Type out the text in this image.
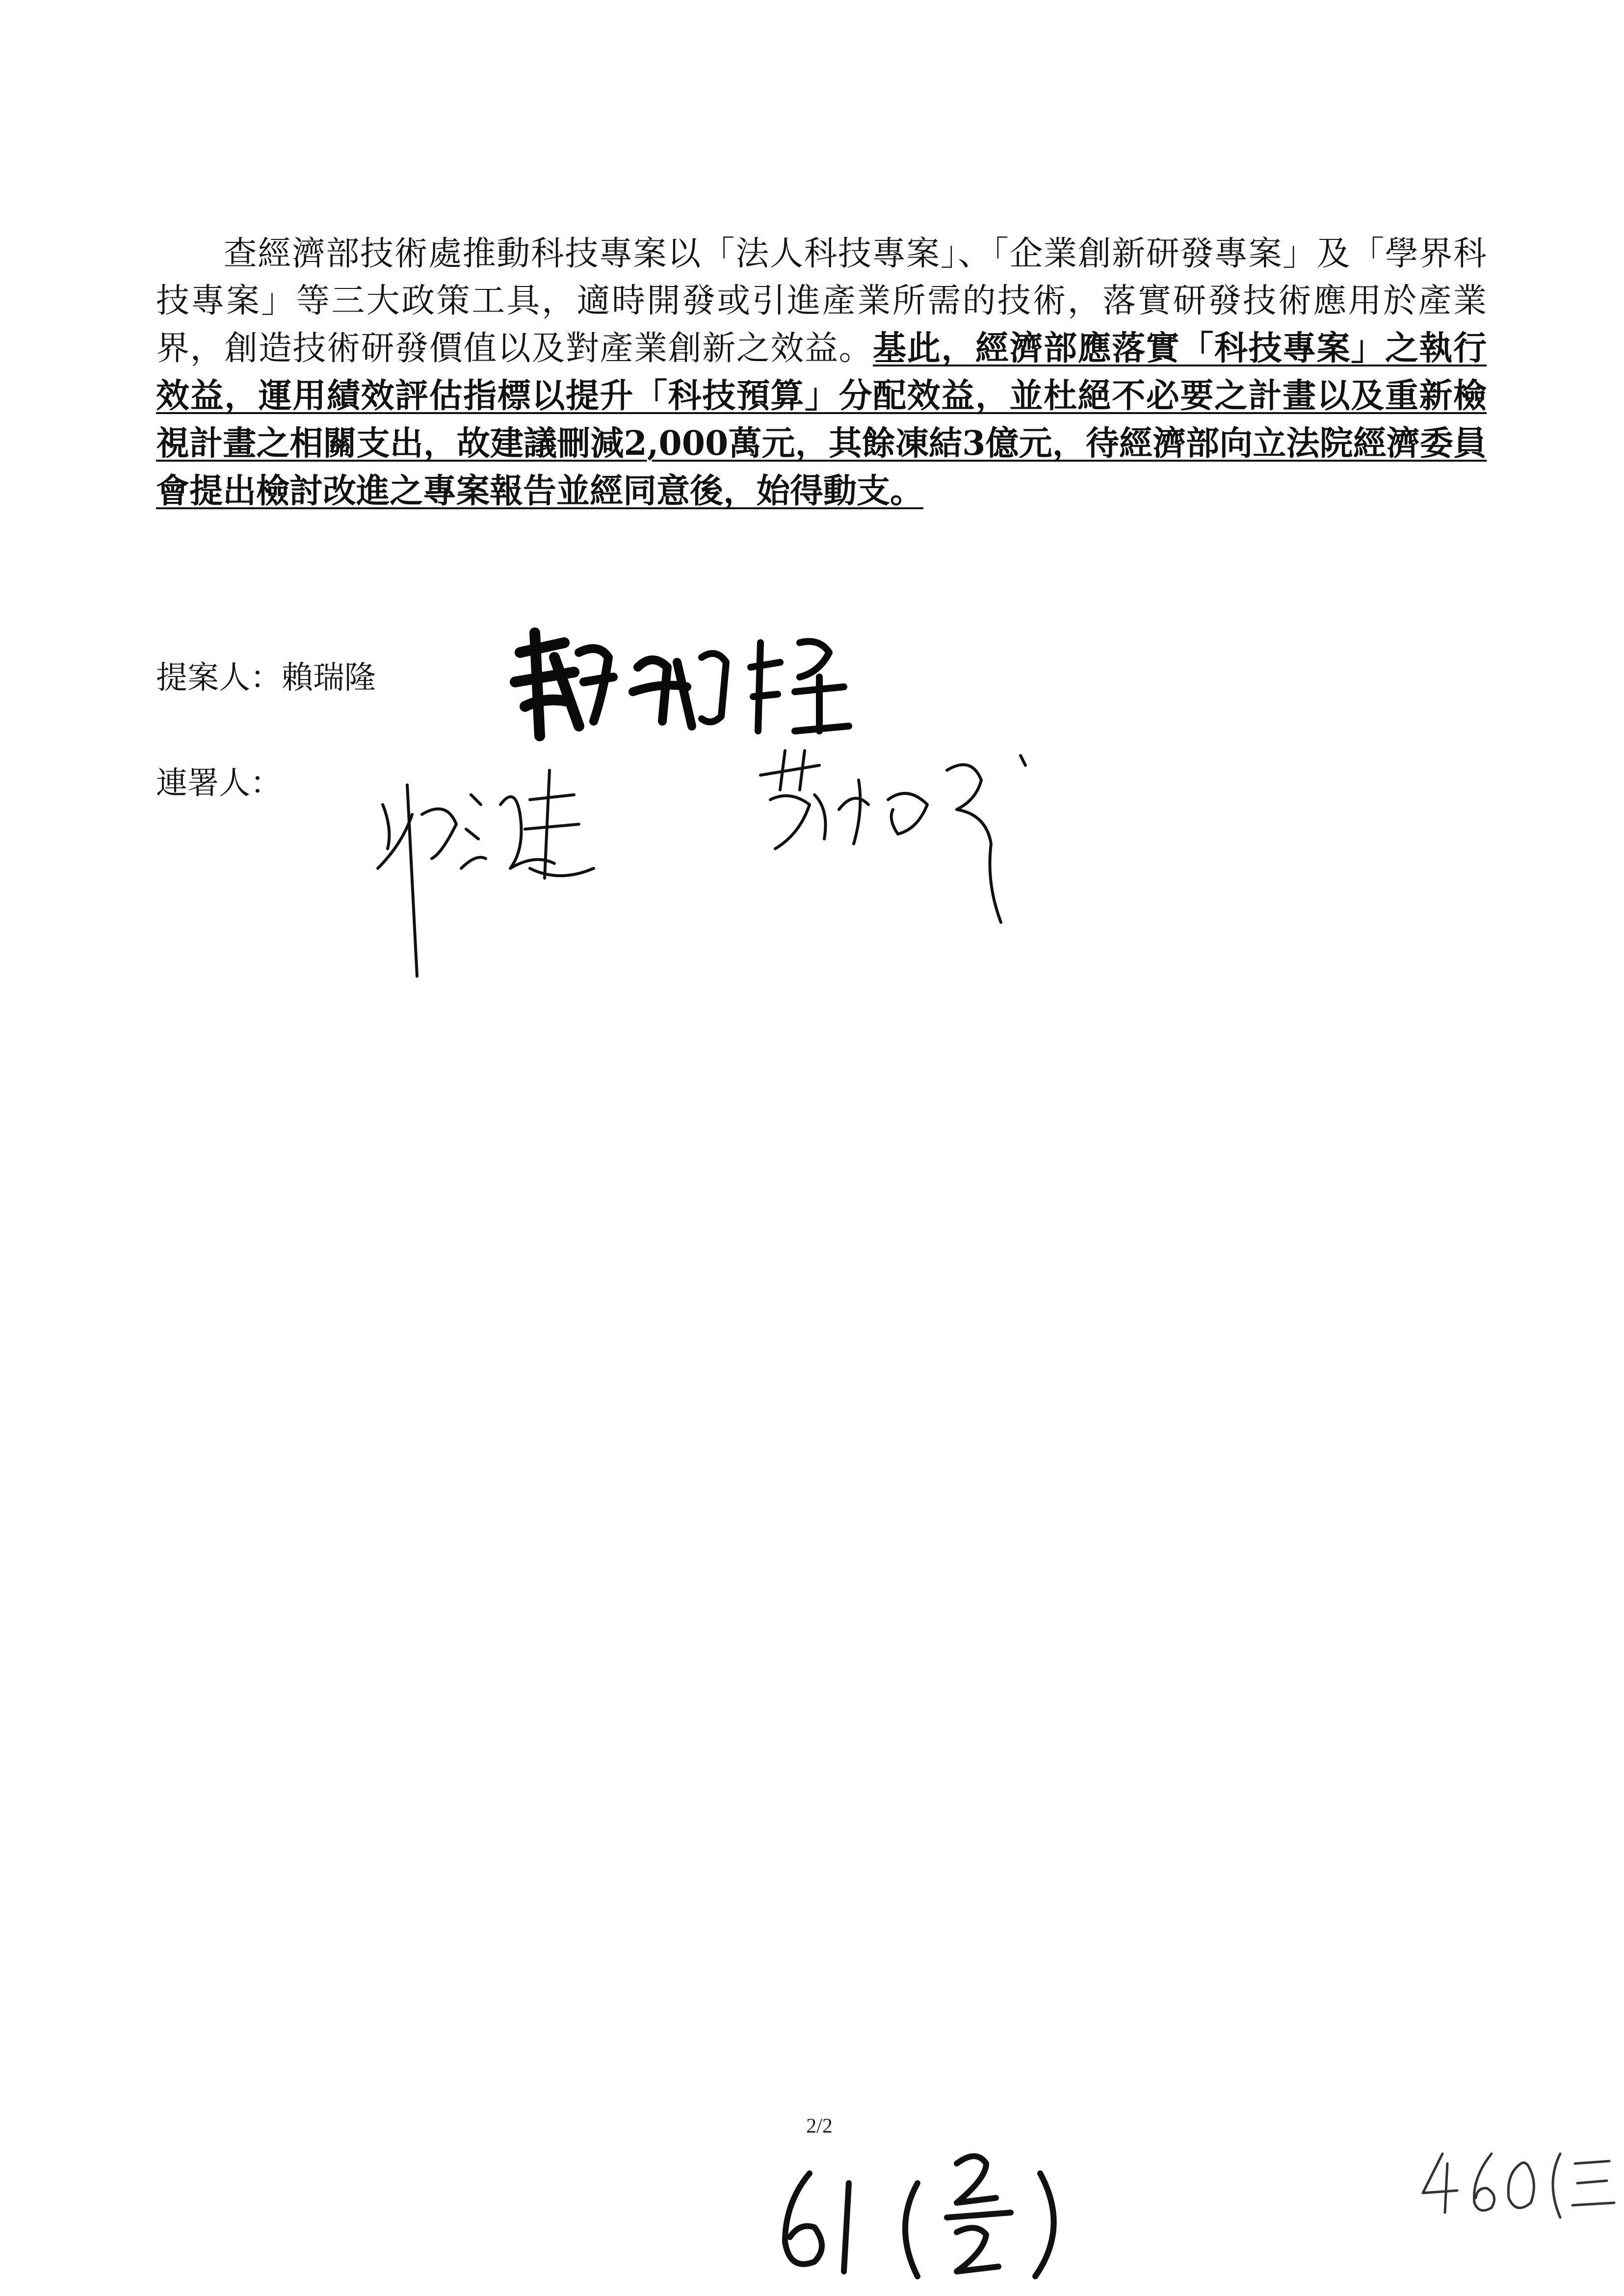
查經濟部技術處推動科技專案以「法人科技專案」、「企業創新研發專案」及「學界科技專案」等三大政策工具，適時開發或引進產業所需的技術，落實研發技術應用於產業界，創造技術研發價值以及對產業創新之效益。基此，經濟部應落實「科技專案」之執行效益，運用績效評估指標以提升「科技預算」分配效益，並杜絕不必要之計畫以及重新檢視計畫之相關支出，故建議刪減2,000萬元，其餘凍結3億元，待經濟部向立法院經濟委員會提出檢討改進之專案報告並經同意後，始得動支。

提案人：賴瑞隆

連署人：

2/2
